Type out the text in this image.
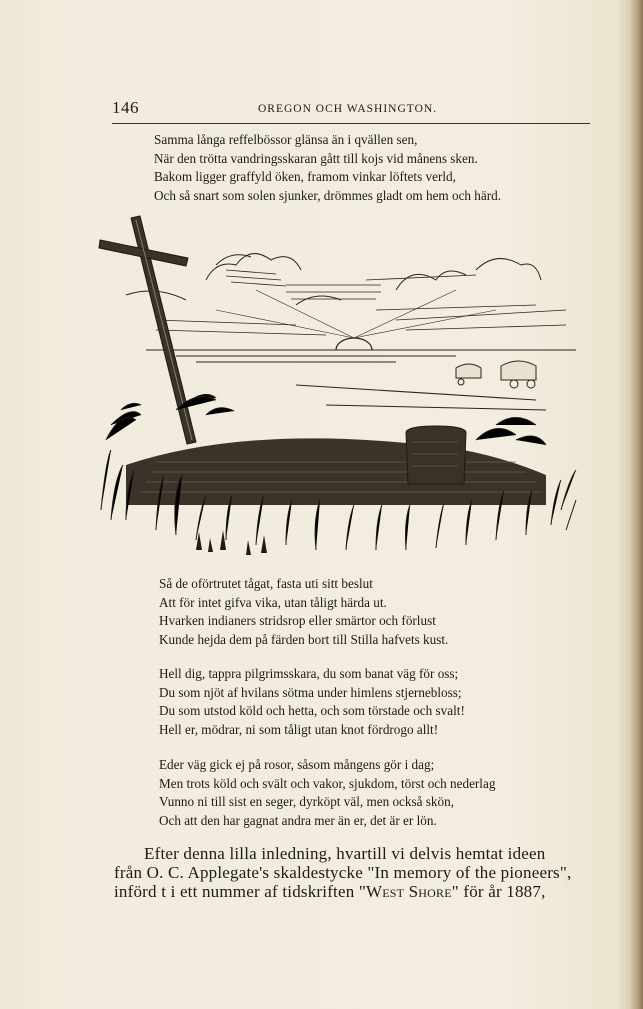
146	OREGON OCH WASHINGTON.
Samma långa reffelbössor glänsa än i qvällen sen,
När den trötta vandringsskaran gått till kojs vid månens sken.
Bakom ligger graffyld öken, framom vinkar löftets verld,
Och så snart som solen sjunker, drömmes gladt om hem och härd.
Så de oförtrutet tågat, fasta uti sitt beslut
Att för intet gifva vika, utan tåligt härda ut.
Hvarken indianers stridsrop eller smärtor och förlust
Kunde hejda dem på färden bort till Stilla hafvets kust.
Hell dig, tappra pilgrimsskara, du som banat väg för oss;
Du som njöt af hvilans sötma under himlens stjernebloss;
Du som utstod köld och hetta, och som törstade och svalt!
Hell er, mödrar, ni som tåligt utan knot fördrogo allt!
Eder väg gick ej på rosor, såsom mångens gör i dag;
Men trots köld och svält och vakor, sjukdom, törst och nederlag
Vunno ni till sist en seger, dyrköpt väl, men också skön,
Och att den har gagnat andra mer än er, det är er lön.
Efter denna lilla inledning, hvartill vi delvis hemtat ideen
från O. C. Applegate's skaldestycke "In memory of the pioneers",
införd t i ett nummer af tidskriften "West Shore" för år 1887,
